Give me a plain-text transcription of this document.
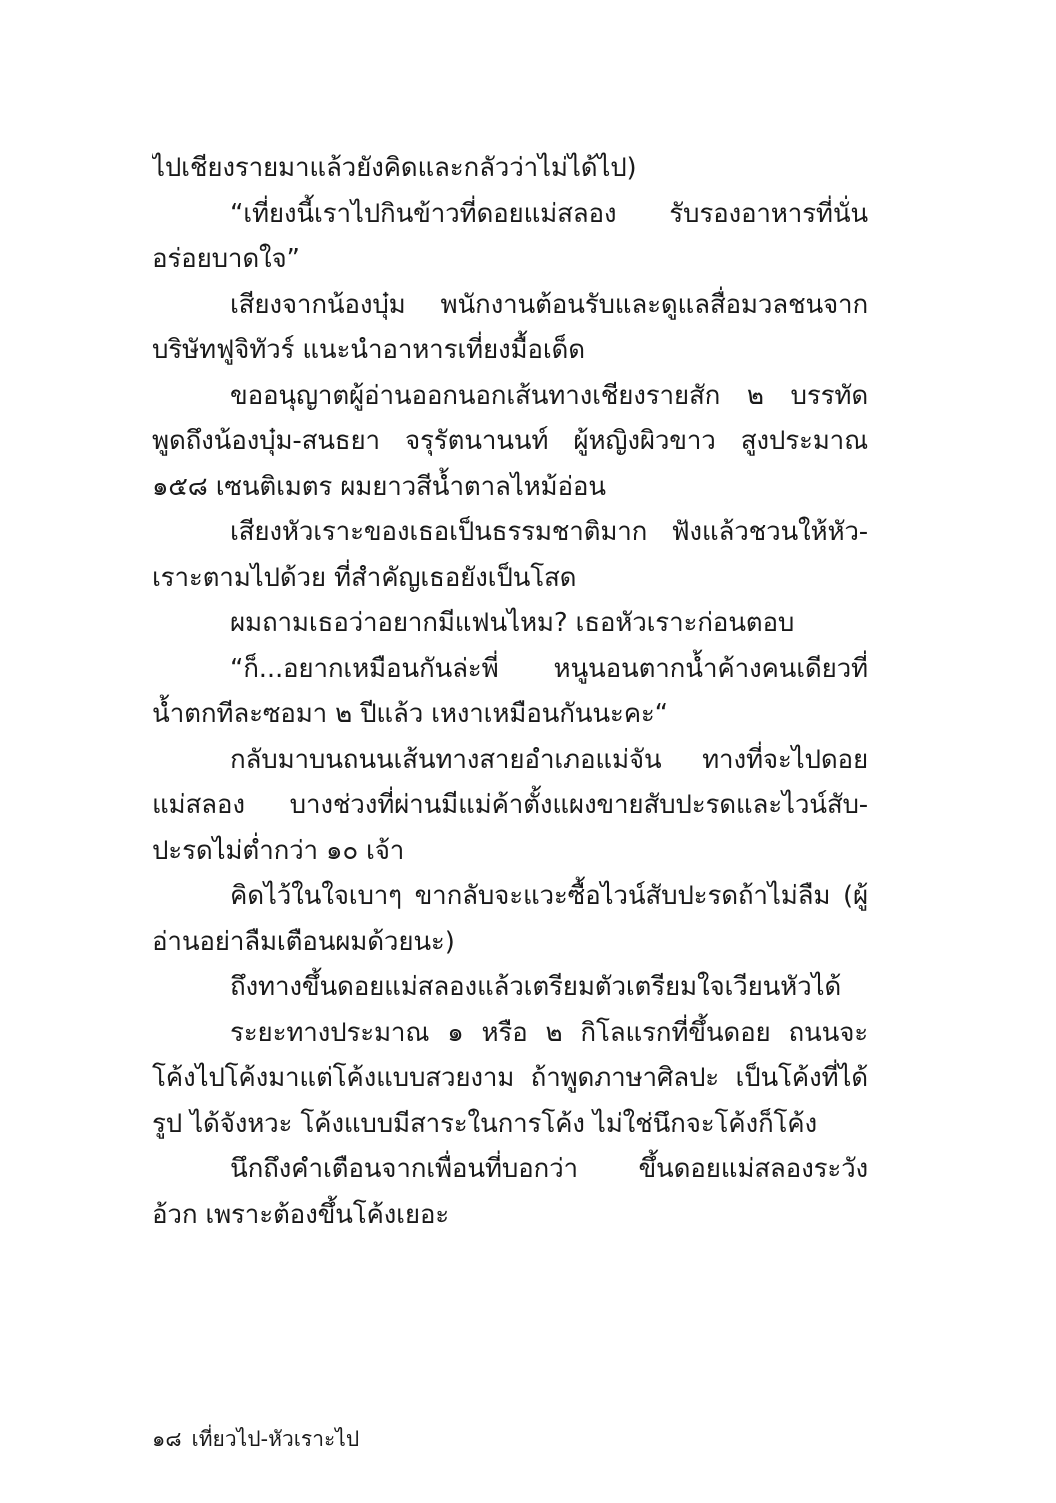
ไปเชียงรายมาแล้วยังคิดและกลัวว่าไม่ได้ไป)
“เที่ยงนี้เราไปกินข้าวที่ดอยแม่สลอง รับรองอาหารที่นั่น
อร่อยบาดใจ”
เสียงจากน้องบุ๋ม พนักงานต้อนรับและดูแลสื่อมวลชนจาก
บริษัทฟูจิทัวร์ แนะนำอาหารเที่ยงมื้อเด็ด
ขออนุญาตผู้อ่านออกนอกเส้นทางเชียงรายสัก ๒ บรรทัด
พูดถึงน้องบุ๋ม-สนธยา จรุรัตนานนท์ ผู้หญิงผิวขาว สูงประมาณ
๑๕๘ เซนติเมตร ผมยาวสีน้ำตาลไหม้อ่อน
เสียงหัวเราะของเธอเป็นธรรมชาติมาก ฟังแล้วชวนให้หัว-
เราะตามไปด้วย ที่สำคัญเธอยังเป็นโสด
ผมถามเธอว่าอยากมีแฟนไหม? เธอหัวเราะก่อนตอบ
“ก็...อยากเหมือนกันล่ะพี่ หนูนอนตากน้ำค้างคนเดียวที่
น้ำตกทีละซอมา ๒ ปีแล้ว เหงาเหมือนกันนะคะ“
กลับมาบนถนนเส้นทางสายอำเภอแม่จัน ทางที่จะไปดอย
แม่สลอง บางช่วงที่ผ่านมีแม่ค้าตั้งแผงขายสับปะรดและไวน์สับ-
ปะรดไม่ต่ำกว่า ๑๐ เจ้า
คิดไว้ในใจเบาๆ ขากลับจะแวะซื้อไวน์สับปะรดถ้าไม่ลืม (ผู้
อ่านอย่าลืมเตือนผมด้วยนะ)
ถึงทางขึ้นดอยแม่สลองแล้วเตรียมตัวเตรียมใจเวียนหัวได้
ระยะทางประมาณ ๑ หรือ ๒ กิโลแรกที่ขึ้นดอย ถนนจะ
โค้งไปโค้งมาแต่โค้งแบบสวยงาม ถ้าพูดภาษาศิลปะ เป็นโค้งที่ได้
รูป ได้จังหวะ โค้งแบบมีสาระในการโค้ง ไม่ใช่นึกจะโค้งก็โค้ง
นึกถึงคำเตือนจากเพื่อนที่บอกว่า ขึ้นดอยแม่สลองระวัง
อ้วก เพราะต้องขึ้นโค้งเยอะ
๑๘ เที่ยวไป-หัวเราะไป
